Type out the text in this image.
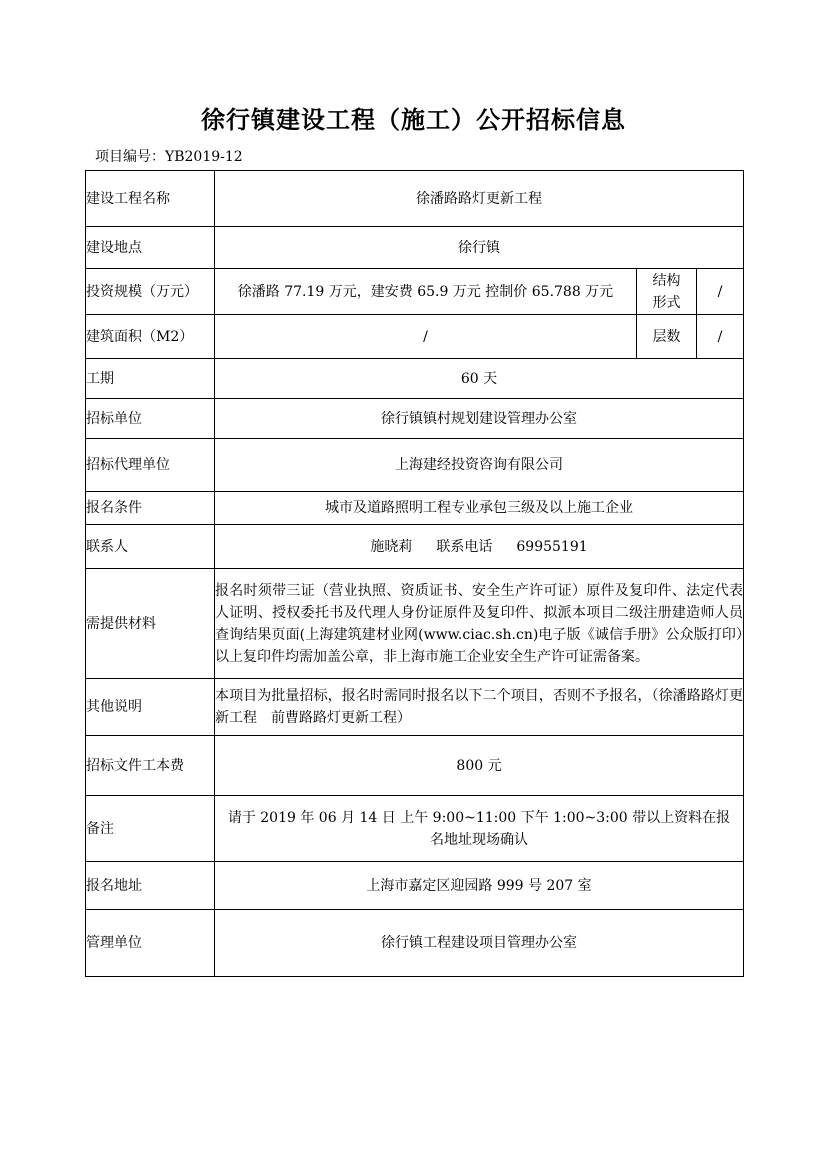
徐行镇建设工程（施工）公开招标信息
项目编号：YB2019-12
建设工程名称	徐潘路路灯更新工程		
建设地点	徐行镇		
投资规模（万元）	徐潘路 77.19 万元，建安费 65.9 万元 控制价 65.788 万元	结构形式	/
建筑面积（M2）	/	层数	/
工期	60 天		
招标单位	徐行镇镇村规划建设管理办公室		
招标代理单位	上海建经投资咨询有限公司		
报名条件	城市及道路照明工程专业承包三级及以上施工企业		
联系人	施晓莉 联系电话 69955191		
需提供材料	报名时须带三证（营业执照、资质证书、安全生产许可证）原件及复印件、法定代表人证明、授权委托书及代理人身份证原件及复印件、拟派本项目二级注册建造师人员查询结果页面(上海建筑建材业网(www.ciac.sh.cn)电子版《诚信手册》公众版打印）以上复印件均需加盖公章，非上海市施工企业安全生产许可证需备案。		
其他说明	本项目为批量招标，报名时需同时报名以下二个项目，否则不予报名，（徐潘路路灯更新工程　前曹路路灯更新工程）		
招标文件工本费	800 元		
备注	请于 2019 年 06 月 14 日 上午 9:00~11:00 下午 1:00~3:00 带以上资料在报名地址现场确认		
报名地址	上海市嘉定区迎园路 999 号 207 室		
管理单位	徐行镇工程建设项目管理办公室		
